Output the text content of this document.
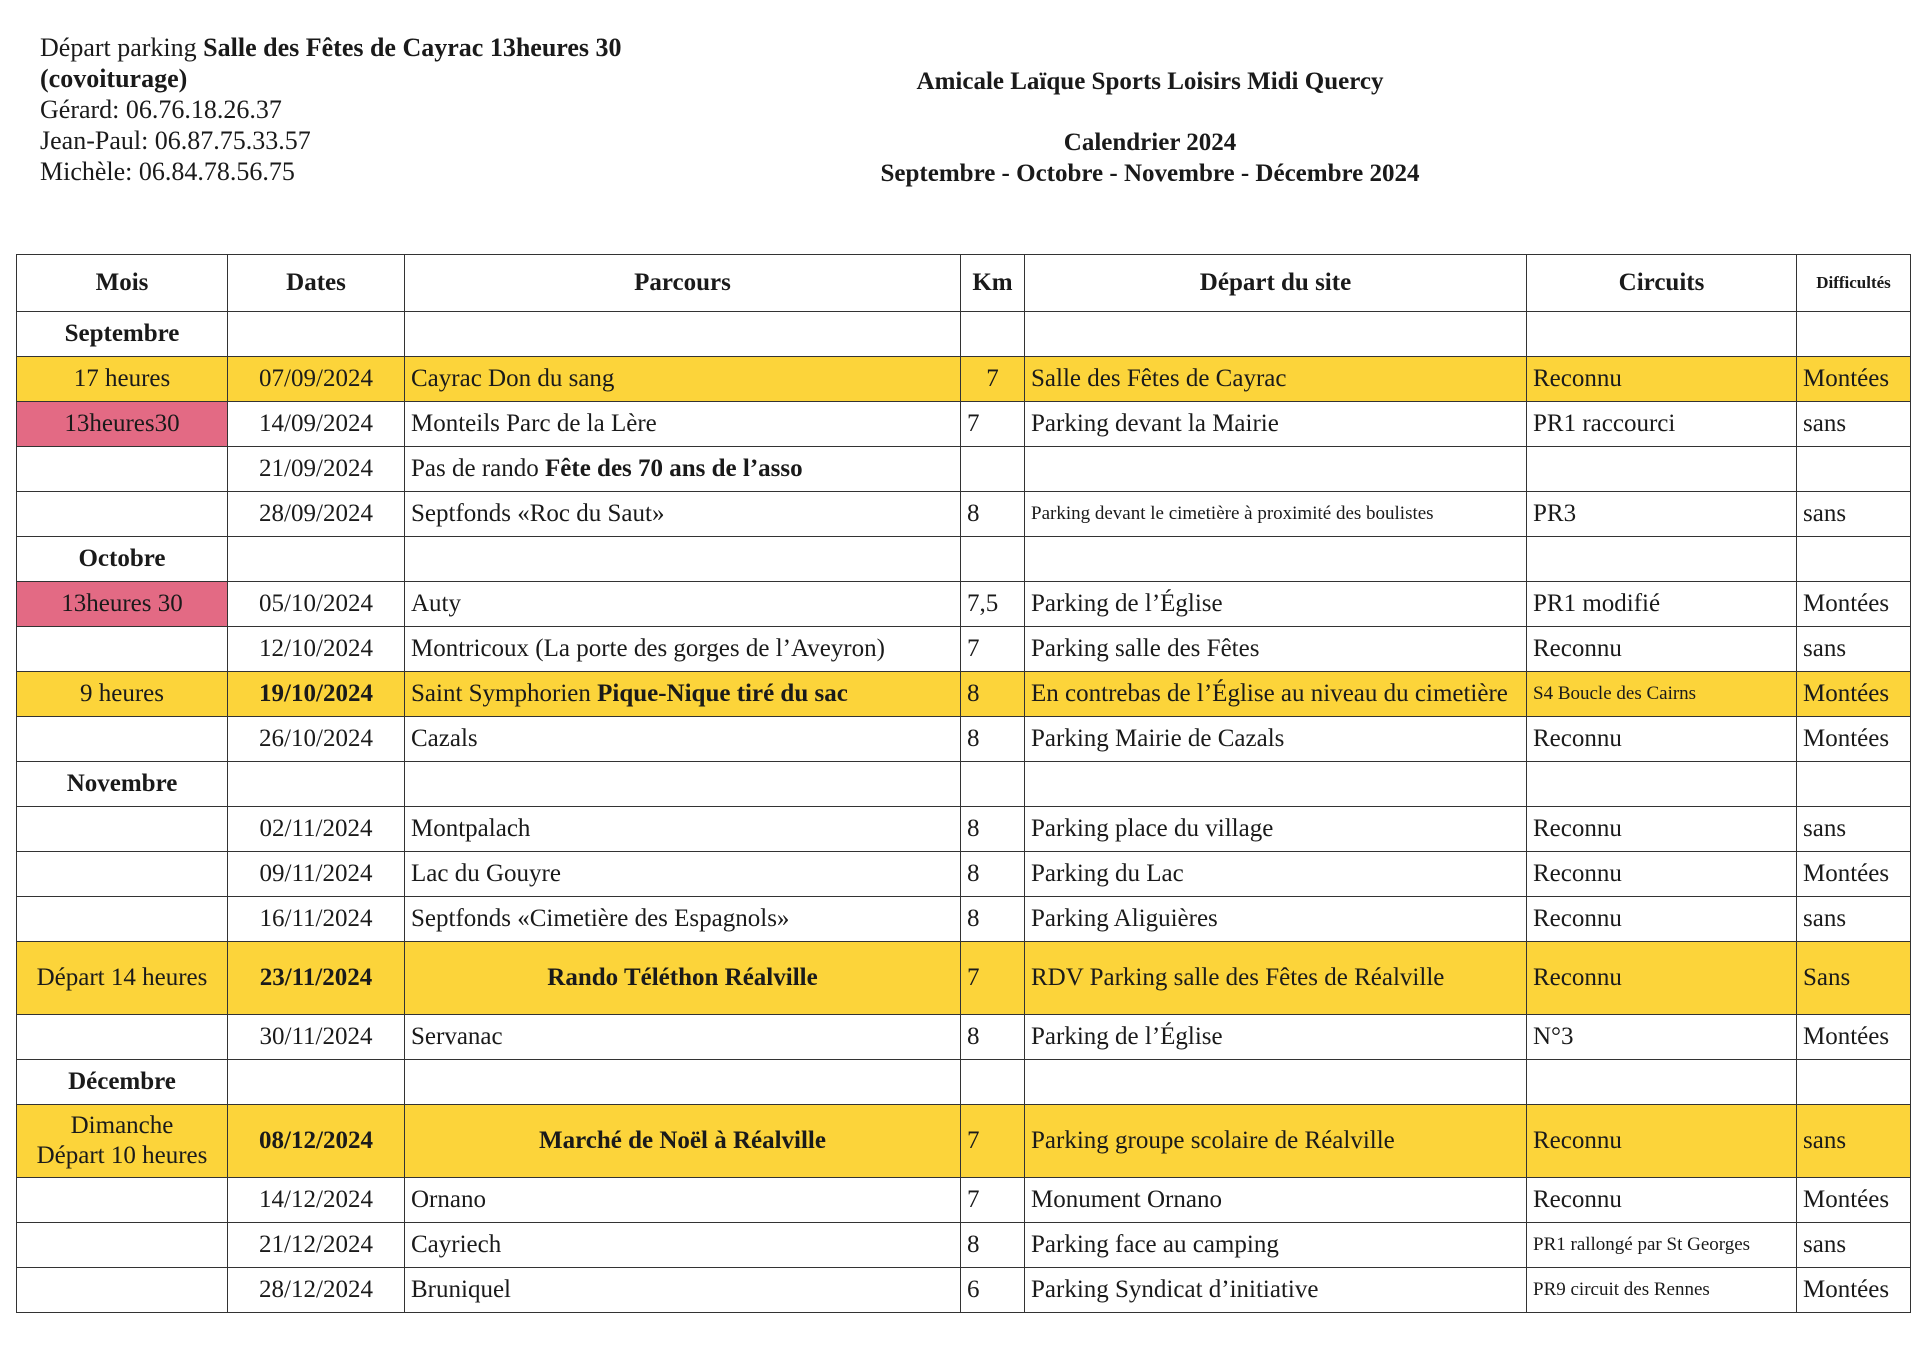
Départ parking Salle des Fêtes de Cayrac 13heures 30
(covoiturage)
Gérard: 06.76.18.26.37
Jean-Paul: 06.87.75.33.57
Michèle: 06.84.78.56.75
Amicale Laïque Sports Loisirs Midi Quercy
Calendrier 2024
Septembre - Octobre - Novembre - Décembre 2024
Mois	Dates	Parcours	Km	Départ du site	Circuits	Difficultés
Septembre						
17 heures	07/09/2024	Cayrac Don du sang	7	Salle des Fêtes de Cayrac	Reconnu	Montées
13heures30	14/09/2024	Monteils Parc de la Lère	7	Parking devant la Mairie	PR1 raccourci	sans
	21/09/2024	Pas de rando Fête des 70 ans de l’asso				
	28/09/2024	Septfonds «Roc du Saut»	8	Parking devant le cimetière à proximité des boulistes	PR3	sans
Octobre						
13heures 30	05/10/2024	Auty	7,5	Parking de l’Église	PR1 modifié	Montées
	12/10/2024	Montricoux (La porte des gorges de l’Aveyron)	7	Parking salle des Fêtes	Reconnu	sans
9 heures	19/10/2024	Saint Symphorien Pique-Nique tiré du sac	8	En contrebas de l’Église au niveau du cimetière	S4 Boucle des Cairns	Montées
	26/10/2024	Cazals	8	Parking Mairie de Cazals	Reconnu	Montées
Novembre						
	02/11/2024	Montpalach	8	Parking place du village	Reconnu	sans
	09/11/2024	Lac du Gouyre	8	Parking du Lac	Reconnu	Montées
	16/11/2024	Septfonds «Cimetière des Espagnols»	8	Parking Aliguières	Reconnu	sans
Départ 14 heures	23/11/2024	Rando Téléthon Réalville	7	RDV Parking salle des Fêtes de Réalville	Reconnu	Sans
	30/11/2024	Servanac	8	Parking de l’Église	N°3	Montées
Décembre						
Dimanche
Départ 10 heures	08/12/2024	Marché de Noël à Réalville	7	Parking groupe scolaire de Réalville	Reconnu	sans
	14/12/2024	Ornano	7	Monument Ornano	Reconnu	Montées
	21/12/2024	Cayriech	8	Parking face au camping	PR1 rallongé par St Georges	sans
	28/12/2024	Bruniquel	6	Parking Syndicat d’initiative	PR9 circuit des Rennes	Montées
